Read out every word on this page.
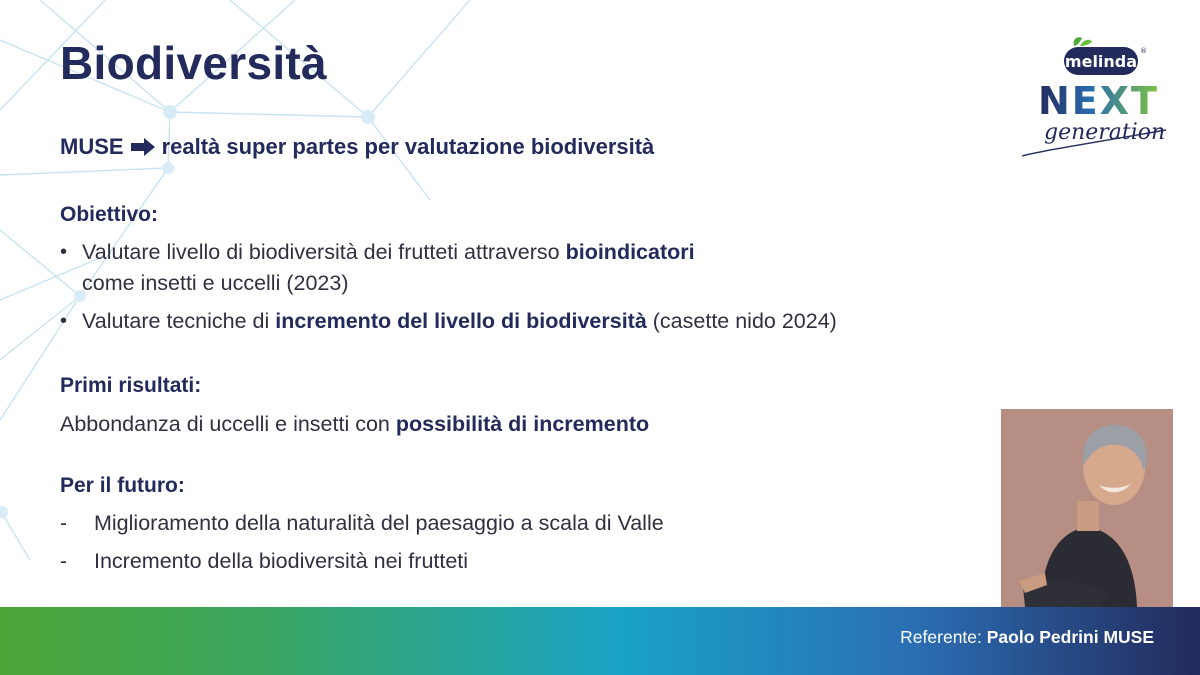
Biodiversità
MUSE realtà super partes per valutazione biodiversità
Obiettivo:
• Valutare livello di biodiversità dei frutteti attraverso bioindicatori
come insetti e uccelli (2023)
• Valutare tecniche di incremento del livello di biodiversità (casette nido 2024)
Primi risultati:
Abbondanza di uccelli e insetti con possibilità di incremento
Per il futuro:
- Miglioramento della naturalità del paesaggio a scala di Valle
- Incremento della biodiversità nei frutteti
melinda
®
NEXT
generation
Referente: Paolo Pedrini MUSE
